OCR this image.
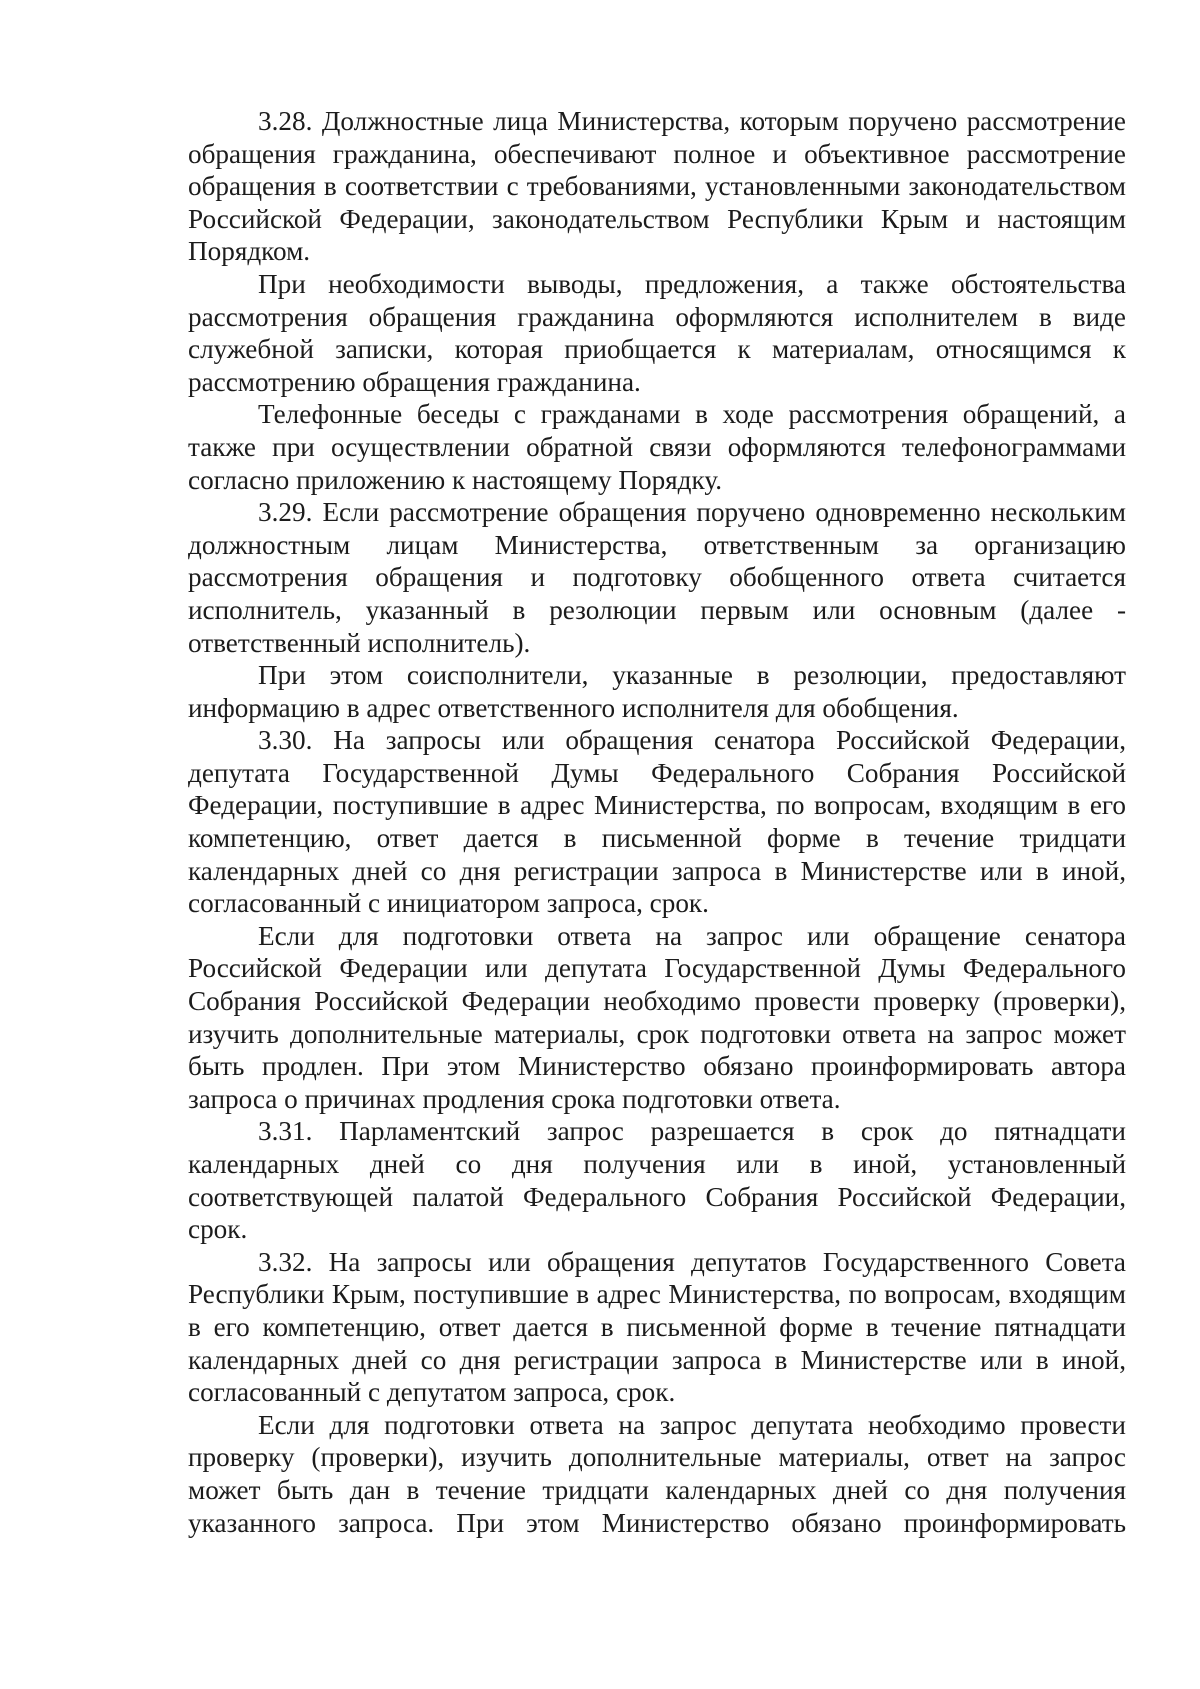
3.28. Должностные лица Министерства, которым поручено рассмотрение обращения гражданина, обеспечивают полное и объективное рассмотрение обращения в соответствии с требованиями, установленными законодательством Российской Федерации, законодательством Республики Крым и настоящим Порядком.

При необходимости выводы, предложения, а также обстоятельства рассмотрения обращения гражданина оформляются исполнителем в виде служебной записки, которая приобщается к материалам, относящимся к рассмотрению обращения гражданина.

Телефонные беседы с гражданами в ходе рассмотрения обращений, а также при осуществлении обратной связи оформляются телефонограммами согласно приложению к настоящему Порядку.

3.29. Если рассмотрение обращения поручено одновременно нескольким должностным лицам Министерства, ответственным за организацию рассмотрения обращения и подготовку обобщенного ответа считается исполнитель, указанный в резолюции первым или основным (далее - ответственный исполнитель).

При этом соисполнители, указанные в резолюции, предоставляют информацию в адрес ответственного исполнителя для обобщения.

3.30. На запросы или обращения сенатора Российской Федерации, депутата Государственной Думы Федерального Собрания Российской Федерации, поступившие в адрес Министерства, по вопросам, входящим в его компетенцию, ответ дается в письменной форме в течение тридцати календарных дней со дня регистрации запроса в Министерстве или в иной, согласованный с инициатором запроса, срок.

Если для подготовки ответа на запрос или обращение сенатора Российской Федерации или депутата Государственной Думы Федерального Собрания Российской Федерации необходимо провести проверку (проверки), изучить дополнительные материалы, срок подготовки ответа на запрос может быть продлен. При этом Министерство обязано проинформировать автора запроса о причинах продления срока подготовки ответа.

3.31. Парламентский запрос разрешается в срок до пятнадцати календарных дней со дня получения или в иной, установленный соответствующей палатой Федерального Собрания Российской Федерации, срок.

3.32. На запросы или обращения депутатов Государственного Совета Республики Крым, поступившие в адрес Министерства, по вопросам, входящим в его компетенцию, ответ дается в письменной форме в течение пятнадцати календарных дней со дня регистрации запроса в Министерстве или в иной, согласованный с депутатом запроса, срок.

Если для подготовки ответа на запрос депутата необходимо провести проверку (проверки), изучить дополнительные материалы, ответ на запрос может быть дан в течение тридцати календарных дней со дня получения указанного запроса. При этом Министерство обязано проинформировать
